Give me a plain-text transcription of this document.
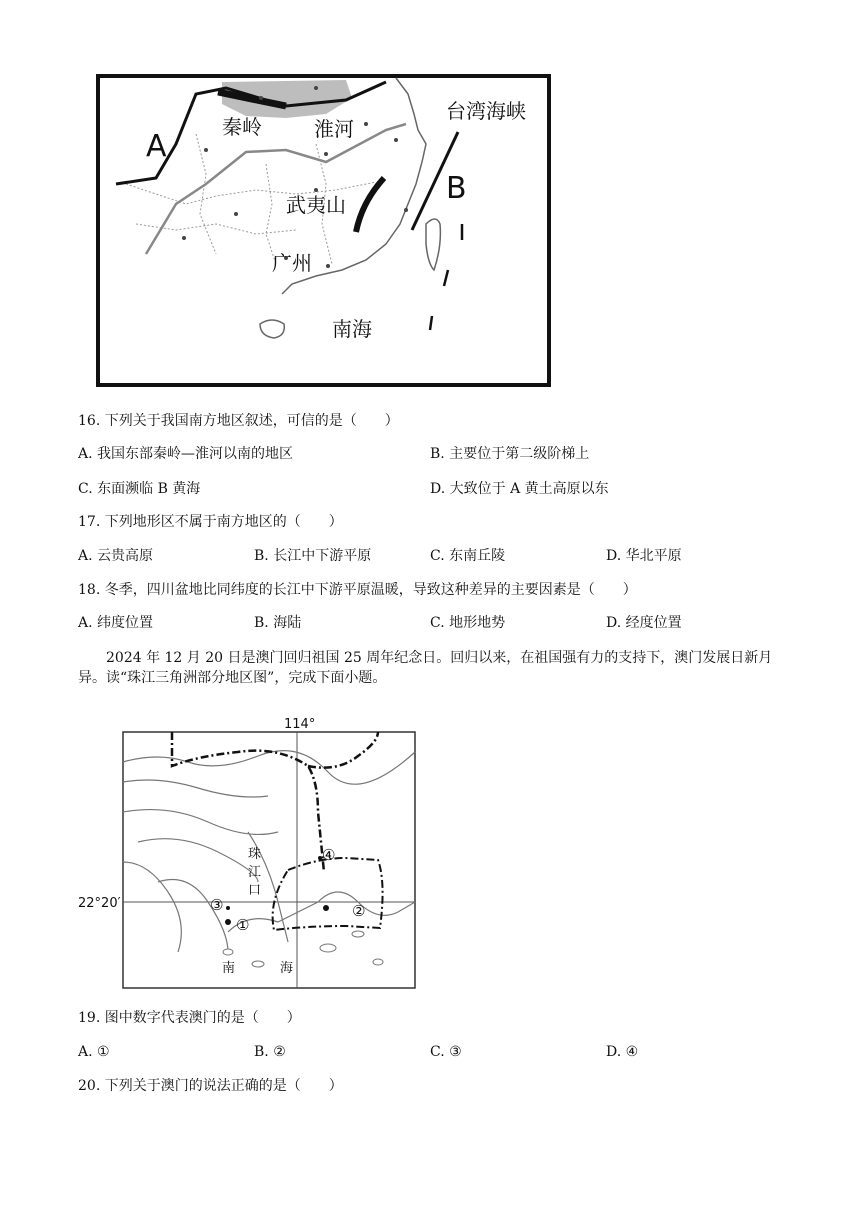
A
B
秦岭	淮河
台湾海峡
武夷山
广州
南海
16. 下列关于我国南方地区叙述，可信的是（　　）
A. 我国东部秦岭—淮河以南的地区	B. 主要位于第二级阶梯上
C. 东面濒临 B 黄海	D. 大致位于 A 黄土高原以东
17. 下列地形区不属于南方地区的（　　）
A. 云贵高原	B. 长江中下游平原	C. 东南丘陵	D. 华北平原
18. 冬季，四川盆地比同纬度的长江中下游平原温暖，导致这种差异的主要因素是（　　）
A. 纬度位置	B. 海陆	C. 地形地势	D. 经度位置
2024 年 12 月 20 日是澳门回归祖国 25 周年纪念日。回归以来，在祖国强有力的支持下，澳门发展日新月异。读“珠江三角洲部分地区图”，完成下面小题。
114°
22°20′
珠
江
口
南	海
①
②
③
④
19. 图中数字代表澳门的是（　　）
A. ①	B. ②	C. ③	D. ④
20. 下列关于澳门的说法正确的是（　　）
